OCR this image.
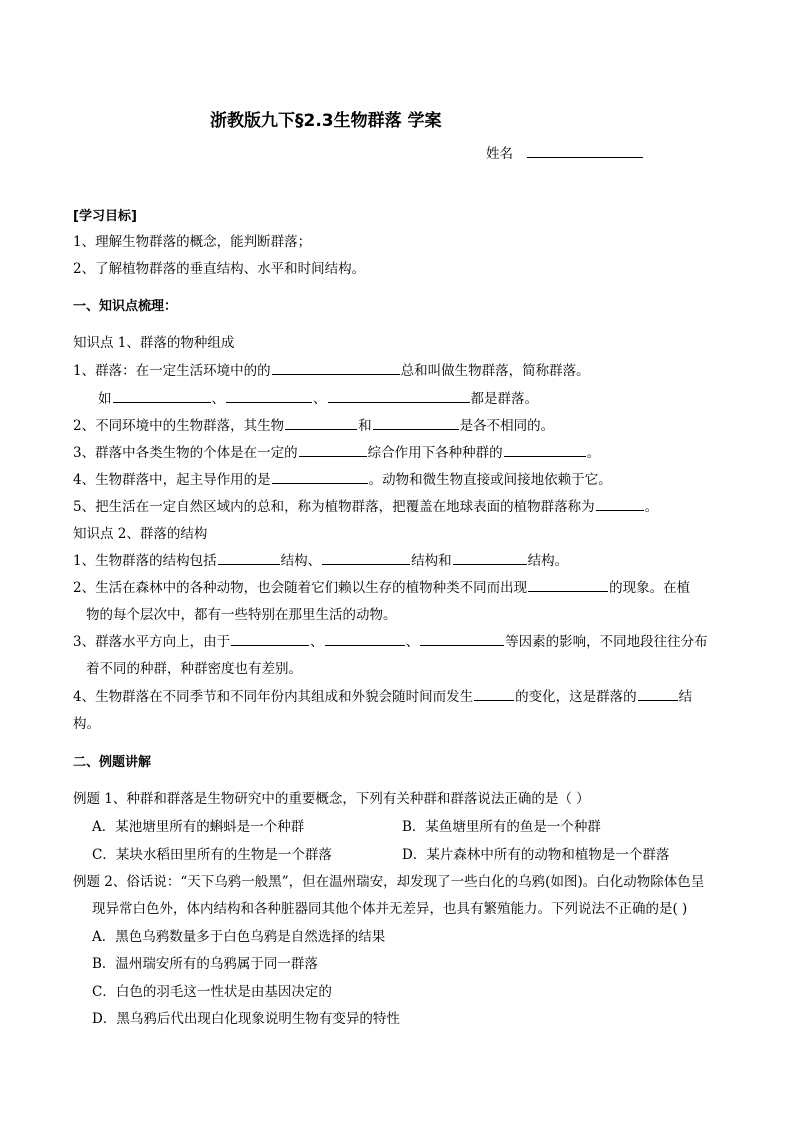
浙教版九下§2.3生物群落 学案
姓名
[学习目标]
1、理解生物群落的概念，能判断群落；
2、了解植物群落的垂直结构、水平和时间结构。
一、知识点梳理：
知识点 1、群落的物种组成
1、群落：在一定生活环境中的的	总和叫做生物群落，简称群落。
如	、	、	都是群落。
2、不同环境中的生物群落，其生物	和	是各不相同的。
3、群落中各类生物的个体是在一定的	综合作用下各种种群的	。
4、生物群落中，起主导作用的是	。动物和微生物直接或间接地依赖于它。
5、把生活在一定自然区域内的总和，称为植物群落，把覆盖在地球表面的植物群落称为	。
知识点 2、群落的结构
1、生物群落的结构包括	结构、	结构和	结构。
2、生活在森林中的各种动物，也会随着它们赖以生存的植物种类不同而出现	的现象。在植
物的每个层次中，都有一些特别在那里生活的动物。
3、群落水平方向上，由于	、	、	等因素的影响，不同地段往往分布
着不同的种群，种群密度也有差别。
4、生物群落在不同季节和不同年份内其组成和外貌会随时间而发生	的变化，这是群落的	结
构。
二、例题讲解
例题 1、种群和群落是生物研究中的重要概念，下列有关种群和群落说法正确的是（ ）
A．某池塘里所有的蝌蚪是一个种群	B．某鱼塘里所有的鱼是一个种群
C．某块水稻田里所有的生物是一个群落	D．某片森林中所有的动物和植物是一个群落
例题 2、俗话说：“天下乌鸦一般黑”，但在温州瑞安，却发现了一些白化的乌鸦(如图)。白化动物除体色呈
现异常白色外，体内结构和各种脏器同其他个体并无差异，也具有繁殖能力。下列说法不正确的是( )
A．黑色乌鸦数量多于白色乌鸦是自然选择的结果
B．温州瑞安所有的乌鸦属于同一群落
C．白色的羽毛这一性状是由基因决定的
D．黑乌鸦后代出现白化现象说明生物有变异的特性
